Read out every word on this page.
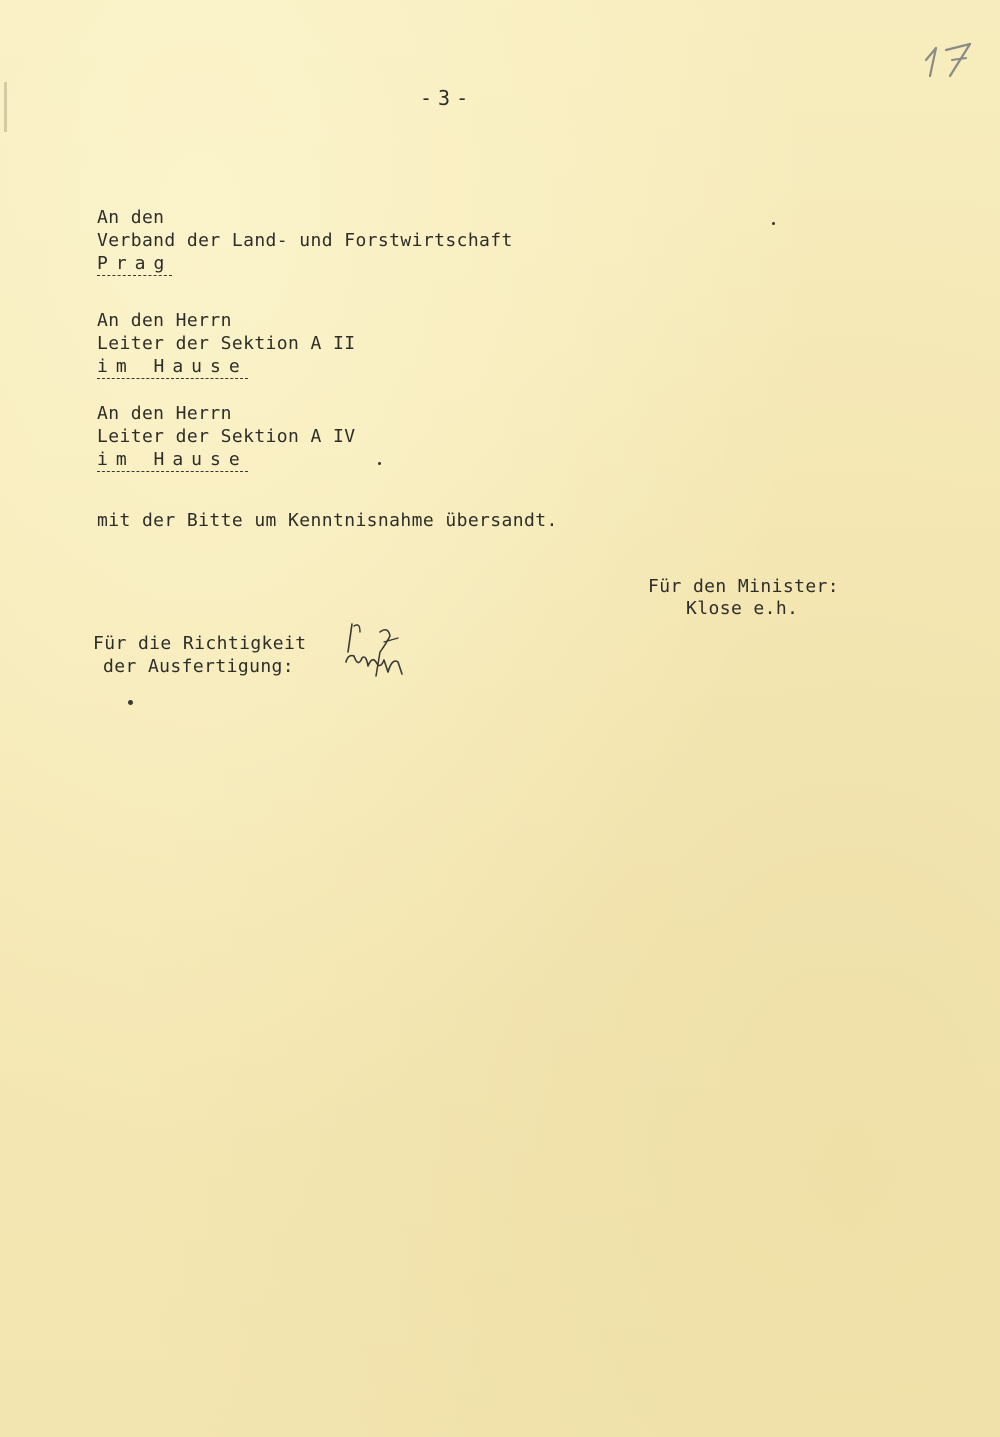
-3-
An den
Verband der Land- und Forstwirtschaft
Prag
An den Herrn
Leiter der Sektion A II
im Hause
An den Herrn
Leiter der Sektion A IV
im Hause
mit der Bitte um Kenntnisnahme übersandt.
Für den Minister:
Klose e.h.
Für die Richtigkeit
der Ausfertigung:
